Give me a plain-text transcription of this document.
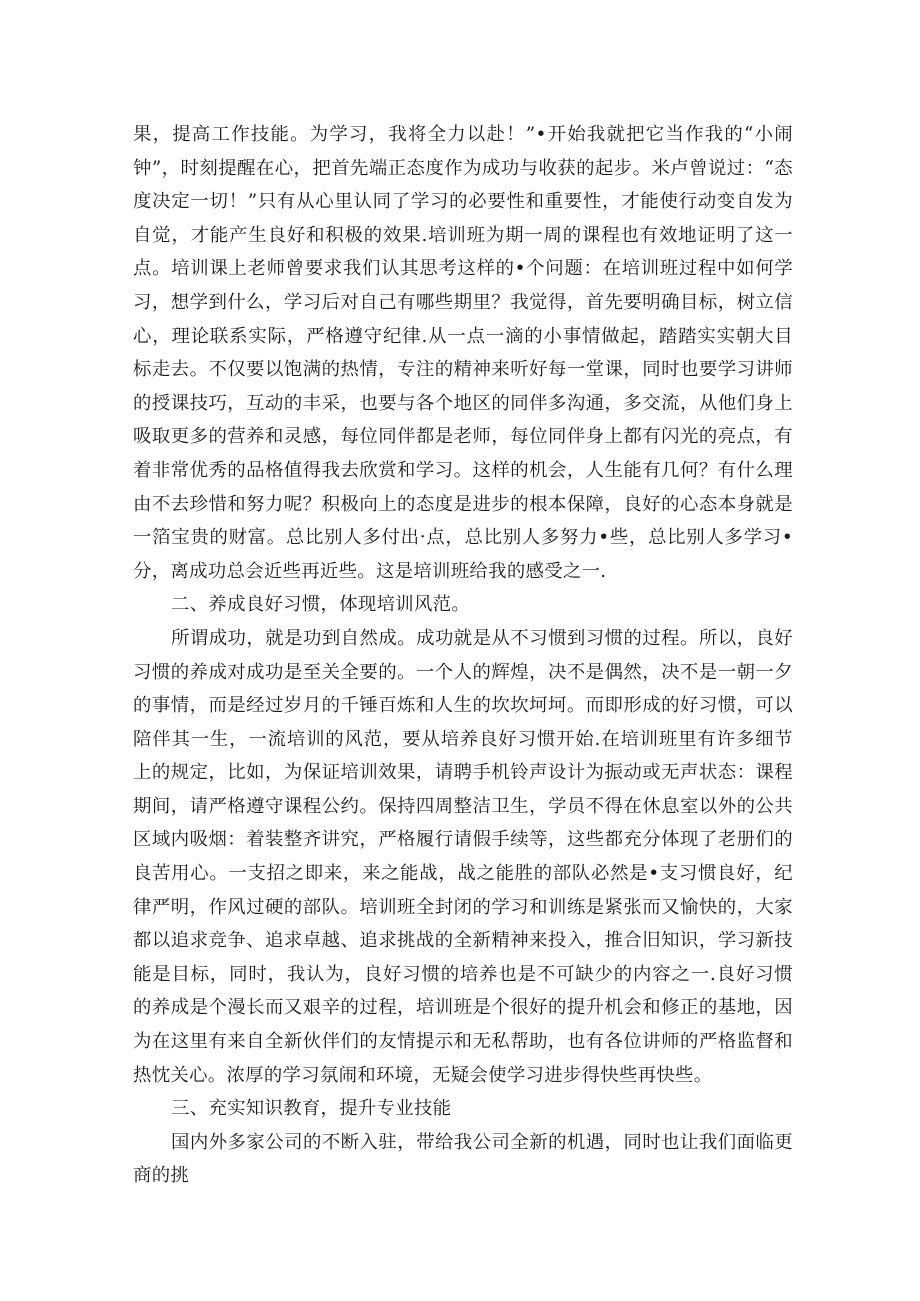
果，提高工作技能。为学习，我将全力以赴！”•开始我就把它当作我的“小闹钟”，时刻提醒在心，把首先端正态度作为成功与收获的起步。米卢曾说过：“态度决定一切！”只有从心里认同了学习的必要性和重要性，才能使行动变自发为自觉，才能产生良好和积极的效果.培训班为期一周的课程也有效地证明了这一点。培训课上老师曾要求我们认其思考这样的•个问题：在培训班过程中如何学习，想学到什么，学习后对自己有哪些期里？我觉得，首先要明确目标，树立信心，理论联系实际，严格遵守纪律.从一点一滴的小事情做起，踏踏实实朝大目标走去。不仅要以饱满的热情，专注的精神来听好每一堂课，同时也要学习讲师的授课技巧，互动的丰采，也要与各个地区的同伴多沟通，多交流，从他们身上吸取更多的营养和灵感，每位同伴都是老师，每位同伴身上都有闪光的亮点，有着非常优秀的品格值得我去欣赏和学习。这样的机会，人生能有几何？有什么理由不去珍惜和努力呢？积极向上的态度是进步的根本保障，良好的心态本身就是一箔宝贵的财富。总比别人多付出·点，总比别人多努力•些，总比别人多学习•分，离成功总会近些再近些。这是培训班给我的感受之一.

二、养成良好习惯，体现培训风范。

所谓成功，就是功到自然成。成功就是从不习惯到习惯的过程。所以，良好习惯的养成对成功是至关全要的。一个人的辉煌，决不是偶然，决不是一朝一夕的事情，而是经过岁月的千锤百炼和人生的坎坎坷坷。而即形成的好习惯，可以陪伴其一生，一流培训的风范，要从培养良好习惯开始.在培训班里有许多细节上的规定，比如，为保证培训效果，请聘手机铃声设计为振动或无声状态：课程期间，请严格遵守课程公约。保持四周整洁卫生，学员不得在休息室以外的公共区域内吸烟：着装整齐讲究，严格履行请假手续等，这些都充分体现了老册们的良苦用心。一支招之即来，来之能战，战之能胜的部队必然是•支习惯良好，纪律严明，作风过硬的部队。培训班全封闭的学习和训练是紧张而又愉快的，大家都以追求竞争、追求卓越、追求挑战的全新精神来投入，推合旧知识，学习新技能是目标，同时，我认为，良好习惯的培养也是不可缺少的内容之一.良好习惯的养成是个漫长而又艰辛的过程，培训班是个很好的提升机会和修正的基地，因为在这里有来自全新伙伴们的友情提示和无私帮助，也有各位讲师的严格监督和热忱关心。浓厚的学习氛闹和环境，无疑会使学习进步得快些再快些。

三、充实知识教育，提升专业技能

国内外多家公司的不断入驻，带给我公司全新的机遇，同时也让我们面临更商的挑
